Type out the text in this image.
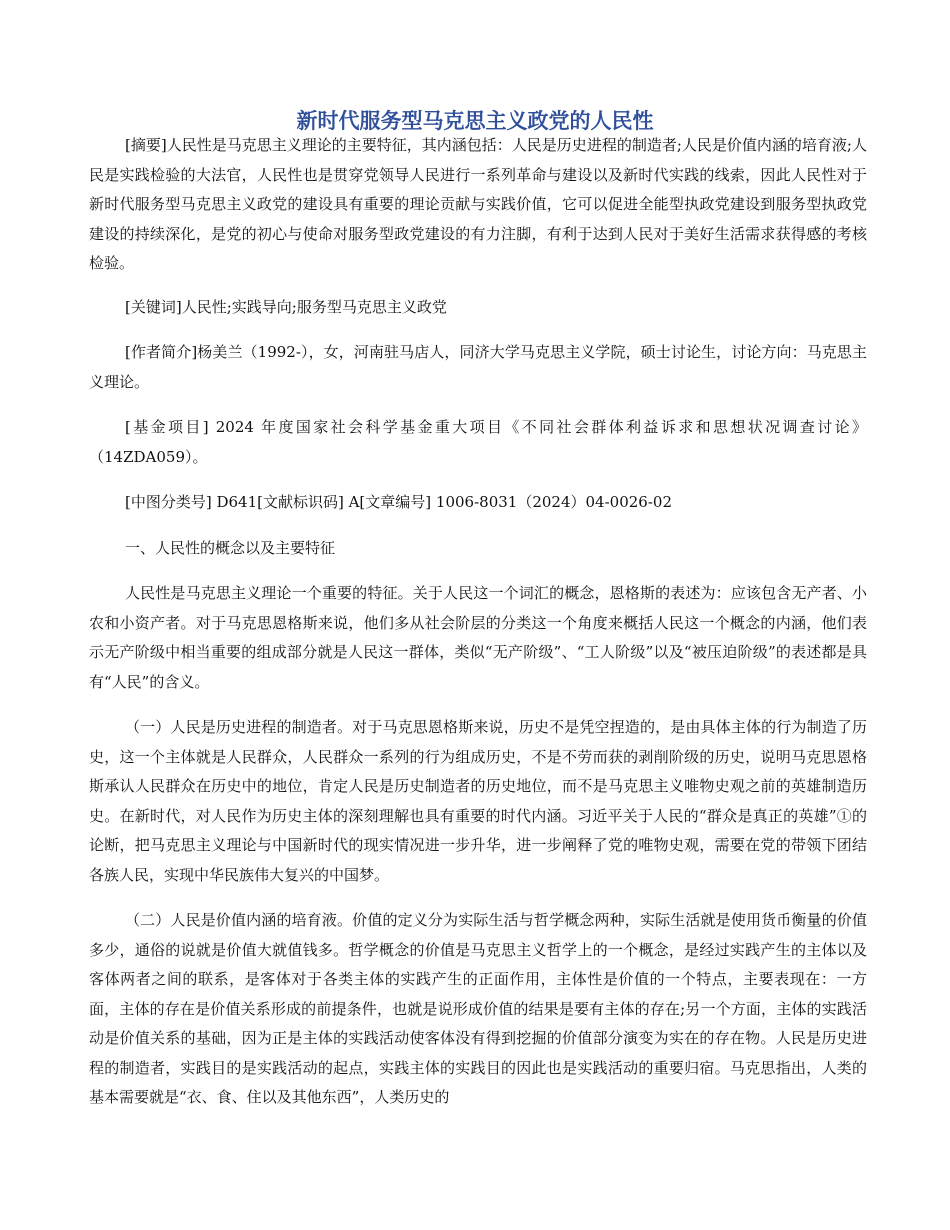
新时代服务型马克思主义政党的人民性

[摘要]人民性是马克思主义理论的主要特征，其内涵包括：人民是历史进程的制造者;人民是价值内涵的培育液;人民是实践检验的大法官，人民性也是贯穿党领导人民进行一系列革命与建设以及新时代实践的线索，因此人民性对于新时代服务型马克思主义政党的建设具有重要的理论贡献与实践价值，它可以促进全能型执政党建设到服务型执政党建设的持续深化，是党的初心与使命对服务型政党建设的有力注脚，有利于达到人民对于美好生活需求获得感的考核检验。

[关键词]人民性;实践导向;服务型马克思主义政党

[作者简介]杨美兰（1992-），女，河南驻马店人，同济大学马克思主义学院，硕士讨论生，讨论方向：马克思主义理论。

[基金项目] 2024 年度国家社会科学基金重大项目《不同社会群体利益诉求和思想状况调查讨论》（14ZDA059）。

[中图分类号] D641[文献标识码] A[文章编号] 1006-8031（2024）04-0026-02

一、人民性的概念以及主要特征

人民性是马克思主义理论一个重要的特征。关于人民这一个词汇的概念，恩格斯的表述为：应该包含无产者、小农和小资产者。对于马克思恩格斯来说，他们多从社会阶层的分类这一个角度来概括人民这一个概念的内涵，他们表示无产阶级中相当重要的组成部分就是人民这一群体，类似“无产阶级”、“工人阶级”以及“被压迫阶级”的表述都是具有“人民”的含义。

（一）人民是历史进程的制造者。对于马克思恩格斯来说，历史不是凭空捏造的，是由具体主体的行为制造了历史，这一个主体就是人民群众，人民群众一系列的行为组成历史，不是不劳而获的剥削阶级的历史，说明马克思恩格斯承认人民群众在历史中的地位，肯定人民是历史制造者的历史地位，而不是马克思主义唯物史观之前的英雄制造历史。在新时代，对人民作为历史主体的深刻理解也具有重要的时代内涵。习近平关于人民的“群众是真正的英雄”①的论断，把马克思主义理论与中国新时代的现实情况进一步升华，进一步阐释了党的唯物史观，需要在党的带领下团结各族人民，实现中华民族伟大复兴的中国梦。

（二）人民是价值内涵的培育液。价值的定义分为实际生活与哲学概念两种，实际生活就是使用货币衡量的价值多少，通俗的说就是价值大就值钱多。哲学概念的价值是马克思主义哲学上的一个概念，是经过实践产生的主体以及客体两者之间的联系，是客体对于各类主体的实践产生的正面作用，主体性是价值的一个特点，主要表现在：一方面，主体的存在是价值关系形成的前提条件，也就是说形成价值的结果是要有主体的存在;另一个方面，主体的实践活动是价值关系的基础，因为正是主体的实践活动使客体没有得到挖掘的价值部分演变为实在的存在物。人民是历史进程的制造者，实践目的是实践活动的起点，实践主体的实践目的因此也是实践活动的重要归宿。马克思指出，人类的基本需要就是“衣、食、住以及其他东西”，人类历史的
